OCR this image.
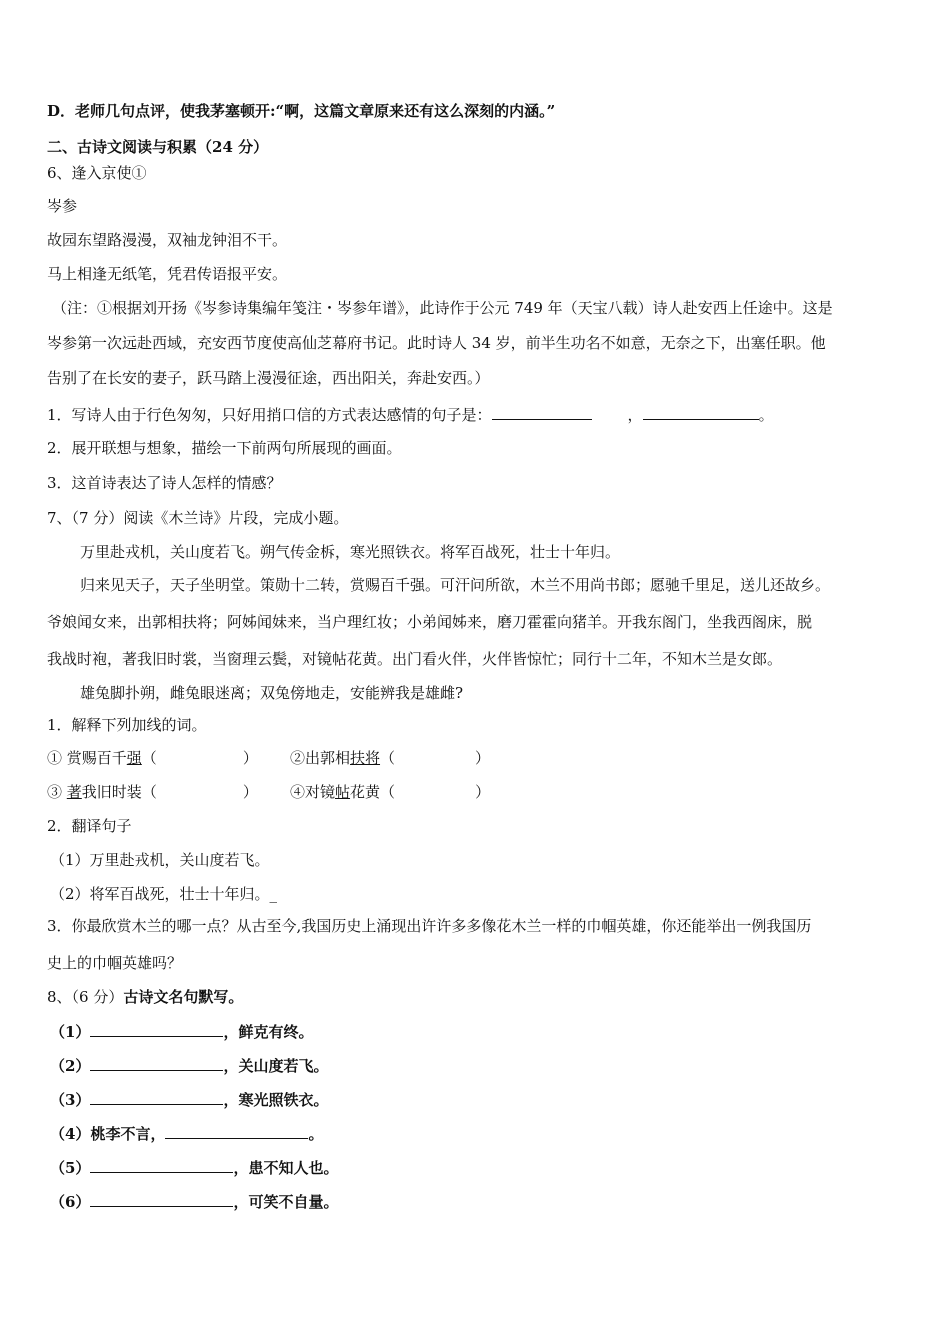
D．老师几句点评，使我茅塞顿开:“啊，这篇文章原来还有这么深刻的内涵。”
二、古诗文阅读与积累（24 分）
6、逢入京使①
岑参
故园东望路漫漫，双袖龙钟泪不干。
马上相逢无纸笔，凭君传语报平安。
（注：①根据刘开扬《岑参诗集编年笺注・岑参年谱》，此诗作于公元 749 年（天宝八载）诗人赴安西上任途中。这是
岑参第一次远赴西域，充安西节度使高仙芝幕府书记。此时诗人 34 岁，前半生功名不如意，无奈之下，出塞任职。他
告别了在长安的妻子，跃马踏上漫漫征途，西出阳关，奔赴安西。）
1．写诗人由于行色匆匆，只好用捎口信的方式表达感情的句子是：	，	。
2．展开联想与想象，描绘一下前两句所展现的画面。
3．这首诗表达了诗人怎样的情感？
7、（7 分）阅读《木兰诗》片段，完成小题。
万里赴戎机，关山度若飞。朔气传金柝，寒光照铁衣。将军百战死，壮士十年归。
归来见天子，天子坐明堂。策勋十二转，赏赐百千强。可汗问所欲，木兰不用尚书郎；愿驰千里足，送儿还故乡。
爷娘闻女来，出郭相扶将；阿姊闻妹来，当户理红妆；小弟闻姊来，磨刀霍霍向猪羊。开我东阁门，坐我西阁床，脱
我战时袍，著我旧时裳，当窗理云鬓，对镜帖花黄。出门看火伴，火伴皆惊忙；同行十二年，不知木兰是女郎。
雄兔脚扑朔，雌兔眼迷离；双兔傍地走，安能辨我是雄雌?
1．解释下列加线的词。
① 赏赐百千强（	） ②出郭相扶将（	）
③ 著我旧时装（	） ④对镜帖花黄（	）
2．翻译句子
（1）万里赴戎机，关山度若飞。
（2）将军百战死，壮士十年归。_
3．你最欣赏木兰的哪一点？从古至今,我国历史上涌现出许许多多像花木兰一样的巾帼英雄，你还能举出一例我国历
史上的巾帼英雄吗？
8、（6 分）古诗文名句默写。
（1）	，鲜克有终。
（2）	，关山度若飞。
（3）	，寒光照铁衣。
（4）桃李不言，	。
（5）	，患不知人也。
（6）	，可笑不自量。
